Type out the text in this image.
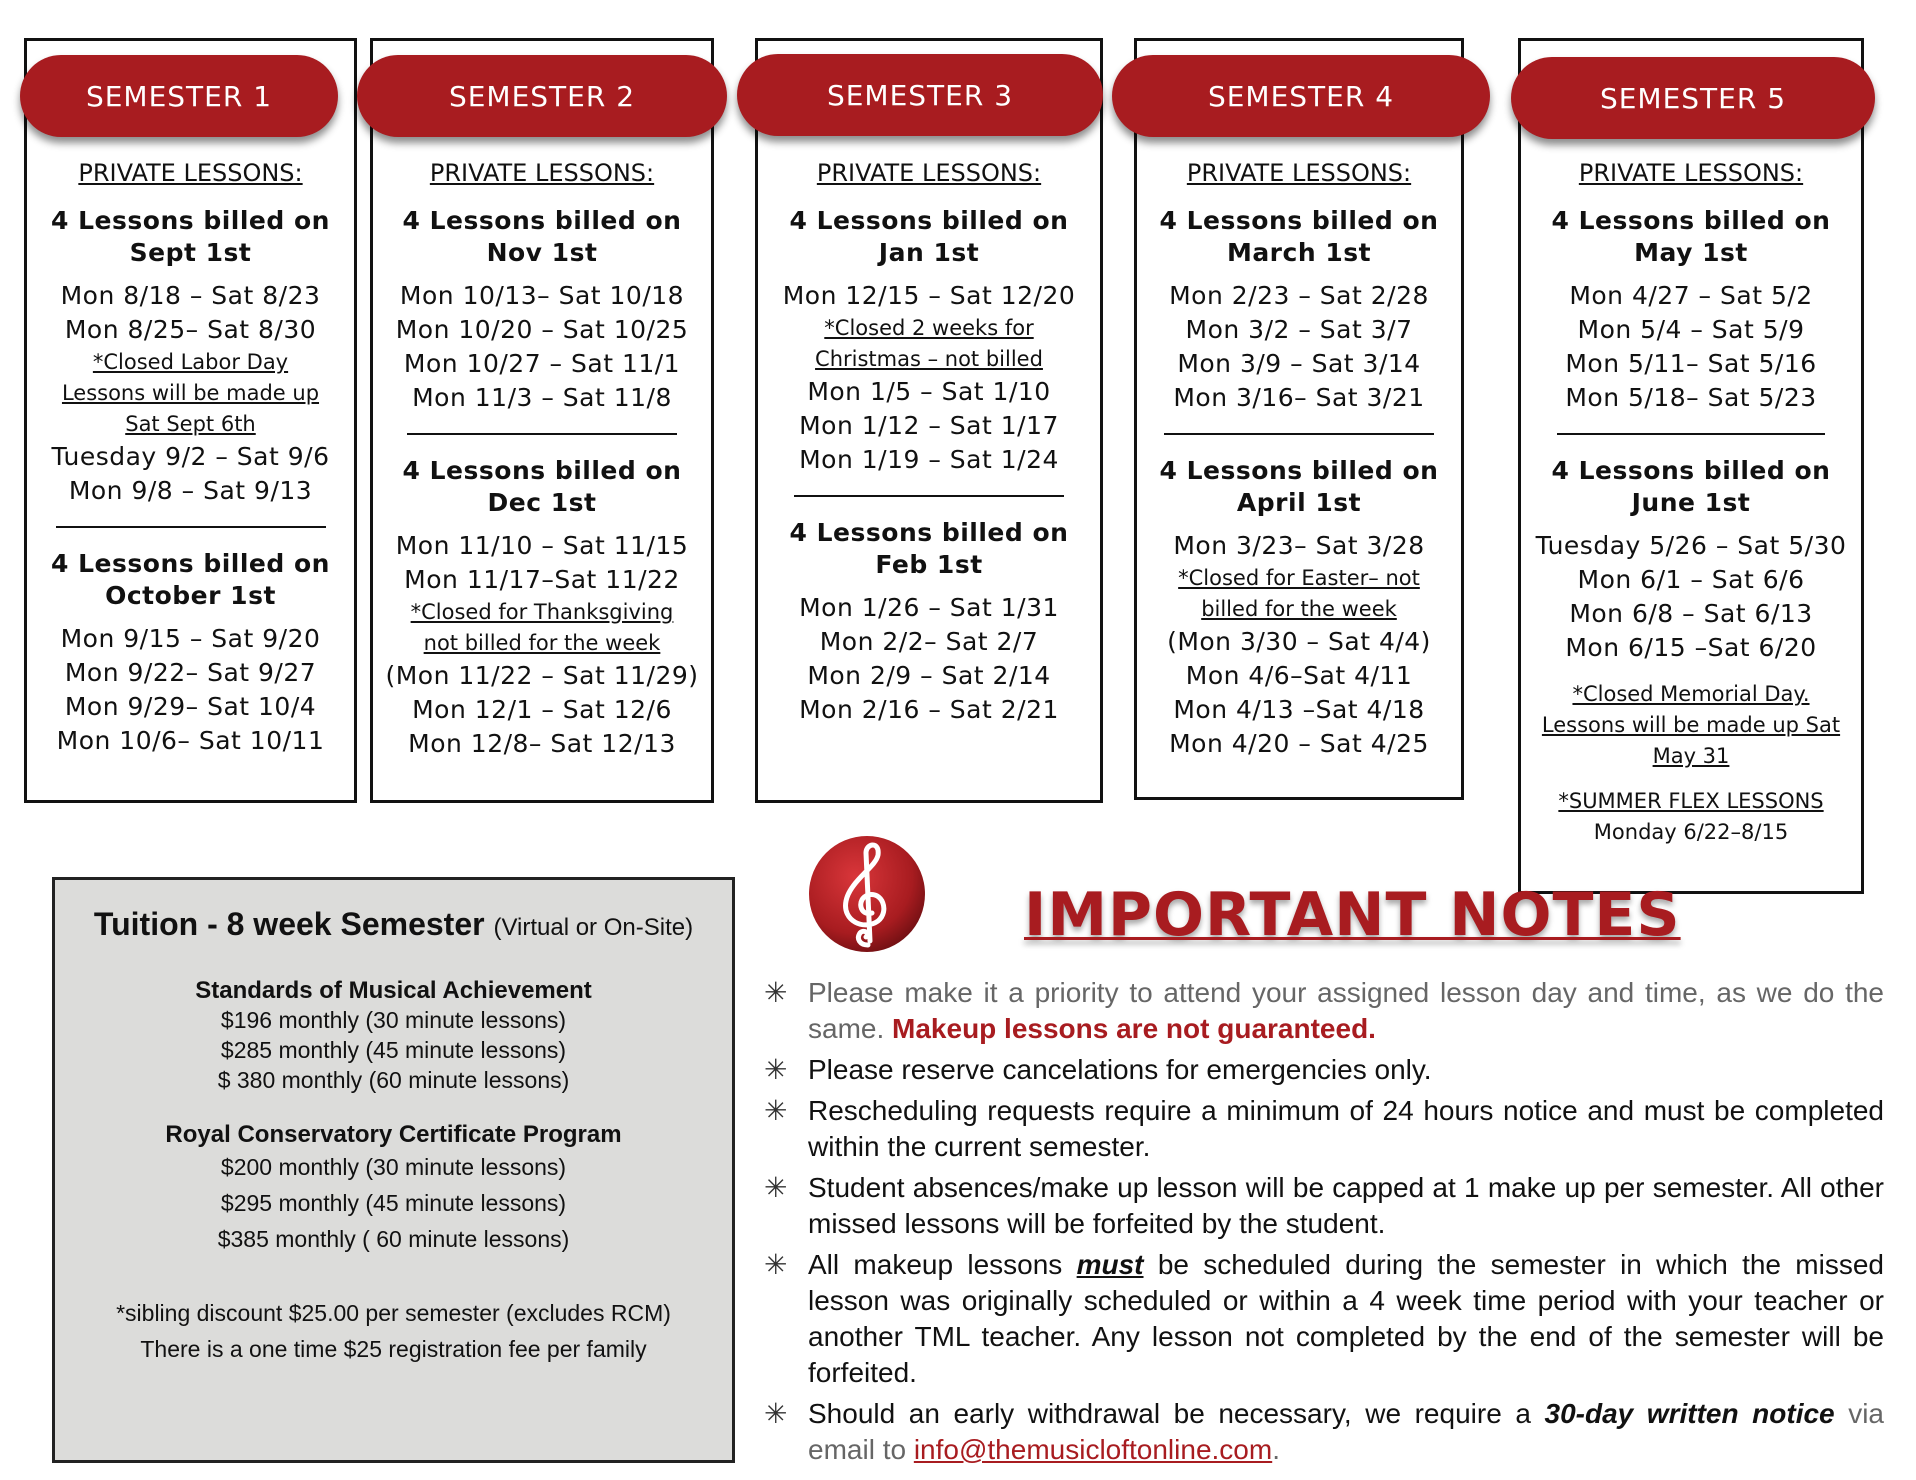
PRIVATE LESSONS:
4 Lessons billed on
Sept 1st
Mon 8/18 – Sat 8/23
Mon 8/25– Sat 8/30
*Closed Labor Day
Lessons will be made up
Sat Sept 6th
Tuesday 9/2 – Sat 9/6
Mon 9/8 – Sat 9/13
4 Lessons billed on
October 1st
Mon 9/15 – Sat 9/20
Mon 9/22– Sat 9/27
Mon 9/29– Sat 10/4
Mon 10/6– Sat 10/11
SEMESTER 1
PRIVATE LESSONS:
4 Lessons billed on
Nov 1st
Mon 10/13– Sat 10/18
Mon 10/20 – Sat 10/25
Mon 10/27 – Sat 11/1
Mon 11/3 – Sat 11/8
4 Lessons billed on
Dec 1st
Mon 11/10 – Sat 11/15
Mon 11/17–Sat 11/22
*Closed for Thanksgiving
not billed for the week
(Mon 11/22 – Sat 11/29)
Mon 12/1 – Sat 12/6
Mon 12/8– Sat 12/13
SEMESTER 2
PRIVATE LESSONS:
4 Lessons billed on
Jan 1st
Mon 12/15 – Sat 12/20
*Closed 2 weeks for
Christmas – not billed
Mon 1/5 – Sat 1/10
Mon 1/12 – Sat 1/17
Mon 1/19 – Sat 1/24
4 Lessons billed on
Feb 1st
Mon 1/26 – Sat 1/31
Mon 2/2– Sat 2/7
Mon 2/9 – Sat 2/14
Mon 2/16 – Sat 2/21
SEMESTER 3
PRIVATE LESSONS:
4 Lessons billed on
March 1st
Mon 2/23 – Sat 2/28
Mon 3/2 – Sat 3/7
Mon 3/9 – Sat 3/14
Mon 3/16– Sat 3/21
4 Lessons billed on
April 1st
Mon 3/23– Sat 3/28
*Closed for Easter– not
billed for the week
(Mon 3/30 – Sat 4/4)
Mon 4/6–Sat 4/11
Mon 4/13 –Sat 4/18
Mon 4/20 – Sat 4/25
SEMESTER 4
PRIVATE LESSONS:
4 Lessons billed on
May 1st
Mon 4/27 – Sat 5/2
Mon 5/4 – Sat 5/9
Mon 5/11– Sat 5/16
Mon 5/18– Sat 5/23
4 Lessons billed on
June 1st
Tuesday 5/26 – Sat 5/30
Mon 6/1 – Sat 6/6
Mon 6/8 – Sat 6/13
Mon 6/15 –Sat 6/20
*Closed Memorial Day.
Lessons will be made up Sat
May 31
*SUMMER FLEX LESSONS
Monday 6/22–8/15
SEMESTER 5
Tuition - 8 week Semester (Virtual or On-Site)
Standards of Musical Achievement
$196 monthly (30 minute lessons)
$285 monthly (45 minute lessons)
$ 380 monthly (60 minute lessons)
Royal Conservatory Certificate Program
$200 monthly (30 minute lessons)
$295 monthly (45 minute lessons)
$385 monthly ( 60 minute lessons)
*sibling discount $25.00 per semester (excludes RCM)
There is a one time $25 registration fee per family
IMPORTANT NOTES
✳ Please make it a priority to attend your assigned lesson day and time, as we do the same. Makeup lessons are not guaranteed.
✳ Please reserve cancelations for emergencies only.
✳ Rescheduling requests require a minimum of 24 hours notice and must be completed within the current semester.
✳ Student absences/make up lesson will be capped at 1 make up per semester. All other missed lessons will be forfeited by the student.
✳ All makeup lessons must be scheduled during the semester in which the missed lesson was originally scheduled or within a 4 week time period with your teacher or another TML teacher. Any lesson not completed by the end of the semester will be forfeited.
✳ Should an early withdrawal be necessary, we require a 30-day written notice via email to info@themusicloftonline.com.
